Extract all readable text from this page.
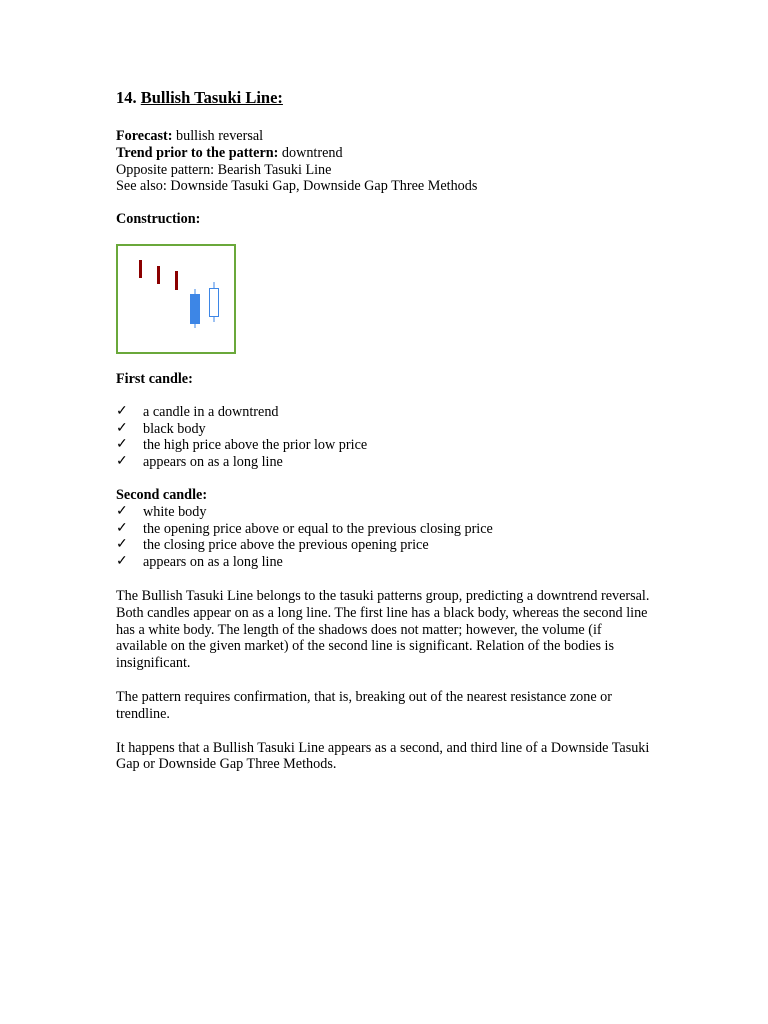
14. Bullish Tasuki Line:

Forecast: bullish reversal

Trend prior to the pattern: downtrend

Opposite pattern: Bearish Tasuki Line

See also: Downside Tasuki Gap, Downside Gap Three Methods

Construction:

First candle:

✓	a candle in a downtrend
✓	black body
✓	the high price above the prior low price
✓	appears on as a long line

Second candle:

✓	white body
✓	the opening price above or equal to the previous closing price
✓	the closing price above the previous opening price
✓	appears on as a long line

The Bullish Tasuki Line belongs to the tasuki patterns group, predicting a downtrend reversal. Both candles appear on as a long line. The first line has a black body, whereas the second line has a white body. The length of the shadows does not matter; however, the volume (if available on the given market) of the second line is significant. Relation of the bodies is insignificant.

The pattern requires confirmation, that is, breaking out of the nearest resistance zone or trendline.

It happens that a Bullish Tasuki Line appears as a second, and third line of a Downside Tasuki Gap or Downside Gap Three Methods.
